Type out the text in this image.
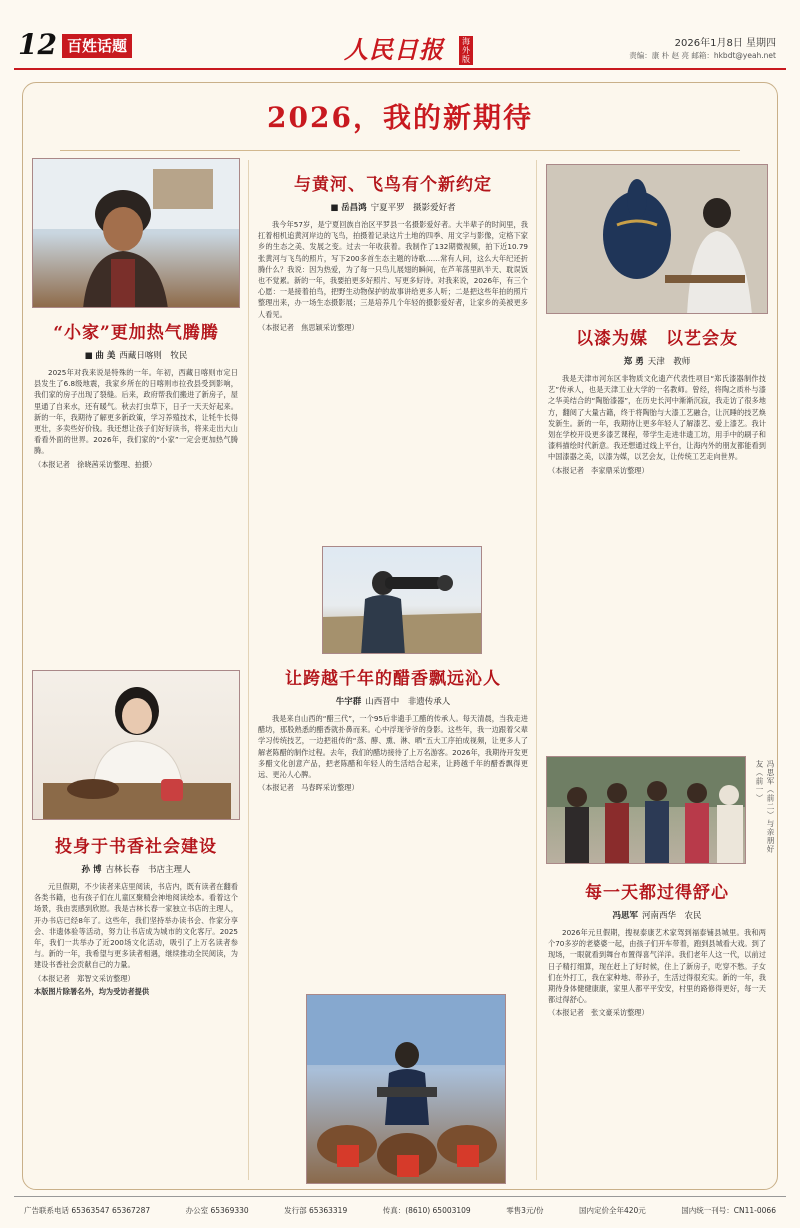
12 百姓话题	人民日报	海外版
2026年1月8日 星期四
责编：康 朴 赵 亮 邮箱：hkbdt@yeah.net
2026，我的新期待
“小家”更加热气腾腾
■ 曲 美 西藏日喀则　牧民
2025年对我来说是特殊的一年。年初，西藏日喀则市定日县发生了6.8级地震，我家乡所在的日喀则市拉孜县受到影响，我们家的房子出现了裂缝。后来，政府帮我们搬进了新房子，屋里通了自来水，还有暖气。秋去打虫草下，日子一天天好起来。新的一年，我期待了解更多新政策，学习养殖技术，让牦牛长得更壮，多卖些好价钱。我还想让孩子们好好读书，将来走出大山看看外面的世界。2026年，我们家的“小家”一定会更加热气腾腾。
（本报记者　徐晓茜采访整理、拍摄）
投身于书香社会建设
孙 博 吉林长春　书店主理人
元旦假期，不少读者来店里阅读，书店内，既有读者在翻看各类书籍，也有孩子们在儿童区聚精会神地阅读绘本。看着这个场景，我由衷感到欣慰。我是吉林长春一家独立书店的主理人，开办书店已经8年了。这些年，我们坚持举办读书会、作家分享会、非遗体验等活动，努力让书店成为城市的文化客厅。2025年，我们一共举办了近200场文化活动，吸引了上万名读者参与。新的一年，我希望与更多读者相遇，继续推动全民阅读，为建设书香社会贡献自己的力量。
（本报记者　郑智文采访整理）
本版图片除署名外，均为受访者提供
与黄河、飞鸟有个新约定
■ 岳昌鸿 宁夏平罗　摄影爱好者
我今年57岁，是宁夏回族自治区平罗县一名摄影爱好者。大半辈子的时间里，我扛着相机追黄河岸边的飞鸟，拍摄着记录这片土地的四季、用文字与影像，定格下家乡的生态之美、发展之变。过去一年收获着。我制作了132期微视频，拍下近10.79张黄河与飞鸟的照片，写下200多首生态主题的诗歌……常有人问，这么大年纪还折腾什么？我说：因为热爱，为了每一只鸟儿展翅的瞬间，在芦苇荡里趴半天、耽误饭也不觉累。新的一年，我要拍更多好照片、写更多好诗。对我来说，2026年，有三个心愿：一是接着拍鸟，把野生动物保护的故事讲给更多人听；二是把这些年拍的照片整理出来，办一场生态摄影展；三是培养几个年轻的摄影爱好者，让家乡的美被更多人看见。
（本报记者　焦思颖采访整理）
让跨越千年的醋香飘远沁人
牛宇群 山西晋中　非遗传承人
我是来自山西的“醋三代”，一个95后非遗手工醋的传承人。每天清晨，当我走进醋坊，那股熟悉的醋香就扑鼻而来。心中浮现爷爷的身影。这些年，我一边跟着父辈学习传统技艺，一边把祖传的“蒸、酵、熏、淋、晒”五大工序拍成视频，让更多人了解老陈醋的制作过程。去年，我们的醋坊接待了上万名游客。2026年，我期待开发更多醋文化创意产品，把老陈醋和年轻人的生活结合起来，让跨越千年的醋香飘得更远、更沁人心脾。
（本报记者　马春晖采访整理）
以漆为媒　以艺会友
郑 勇 天津　教师
我是天津市河东区非物质文化遗产代表性项目“郑氏漆器制作技艺”传承人，也是天津工业大学的一名教师。曾经，将陶之质朴与漆之华美结合的“陶胎漆器”，在历史长河中渐渐沉寂，我走访了很多地方，翻阅了大量古籍，终于将陶胎与大漆工艺融合，让沉睡的技艺焕发新生。新的一年，我期待让更多年轻人了解漆艺、爱上漆艺。我计划在学校开设更多漆艺课程，带学生走进非遗工坊，用手中的刷子和漆料描绘时代新意。我还想通过线上平台，让海内外的朋友都能看到中国漆器之美，以漆为媒，以艺会友，让传统工艺走向世界。
（本报记者　李家鼎采访整理）
冯思军（前二）与亲朋好友（前一）
每一天都过得舒心
冯思军 河南西华　农民
2026年元旦假期，搜视泰康艺术家驾到福泰铺县城里。我和两个70多岁的老婆婆一起，由孩子们开车带着，跑到县城看大戏。到了现场，一眼就看到舞台布置得喜气洋洋。我们老年人这一代，以前过日子精打细算，现在赶上了好时候，住上了新房子，吃穿不愁。子女们在外打工，我在家种地、带孙子，生活过得很充实。新的一年，我期待身体健健康康，家里人都平平安安，村里的路修得更好，每一天都过得舒心。
（本报记者　张文豪采访整理）
广告联系电话 65363547 65367287	办公室 65369330	发行部 65363319	传真：(8610) 65003109	零售3元/份	国内定价全年420元	国内统一刊号：CN11-0066
